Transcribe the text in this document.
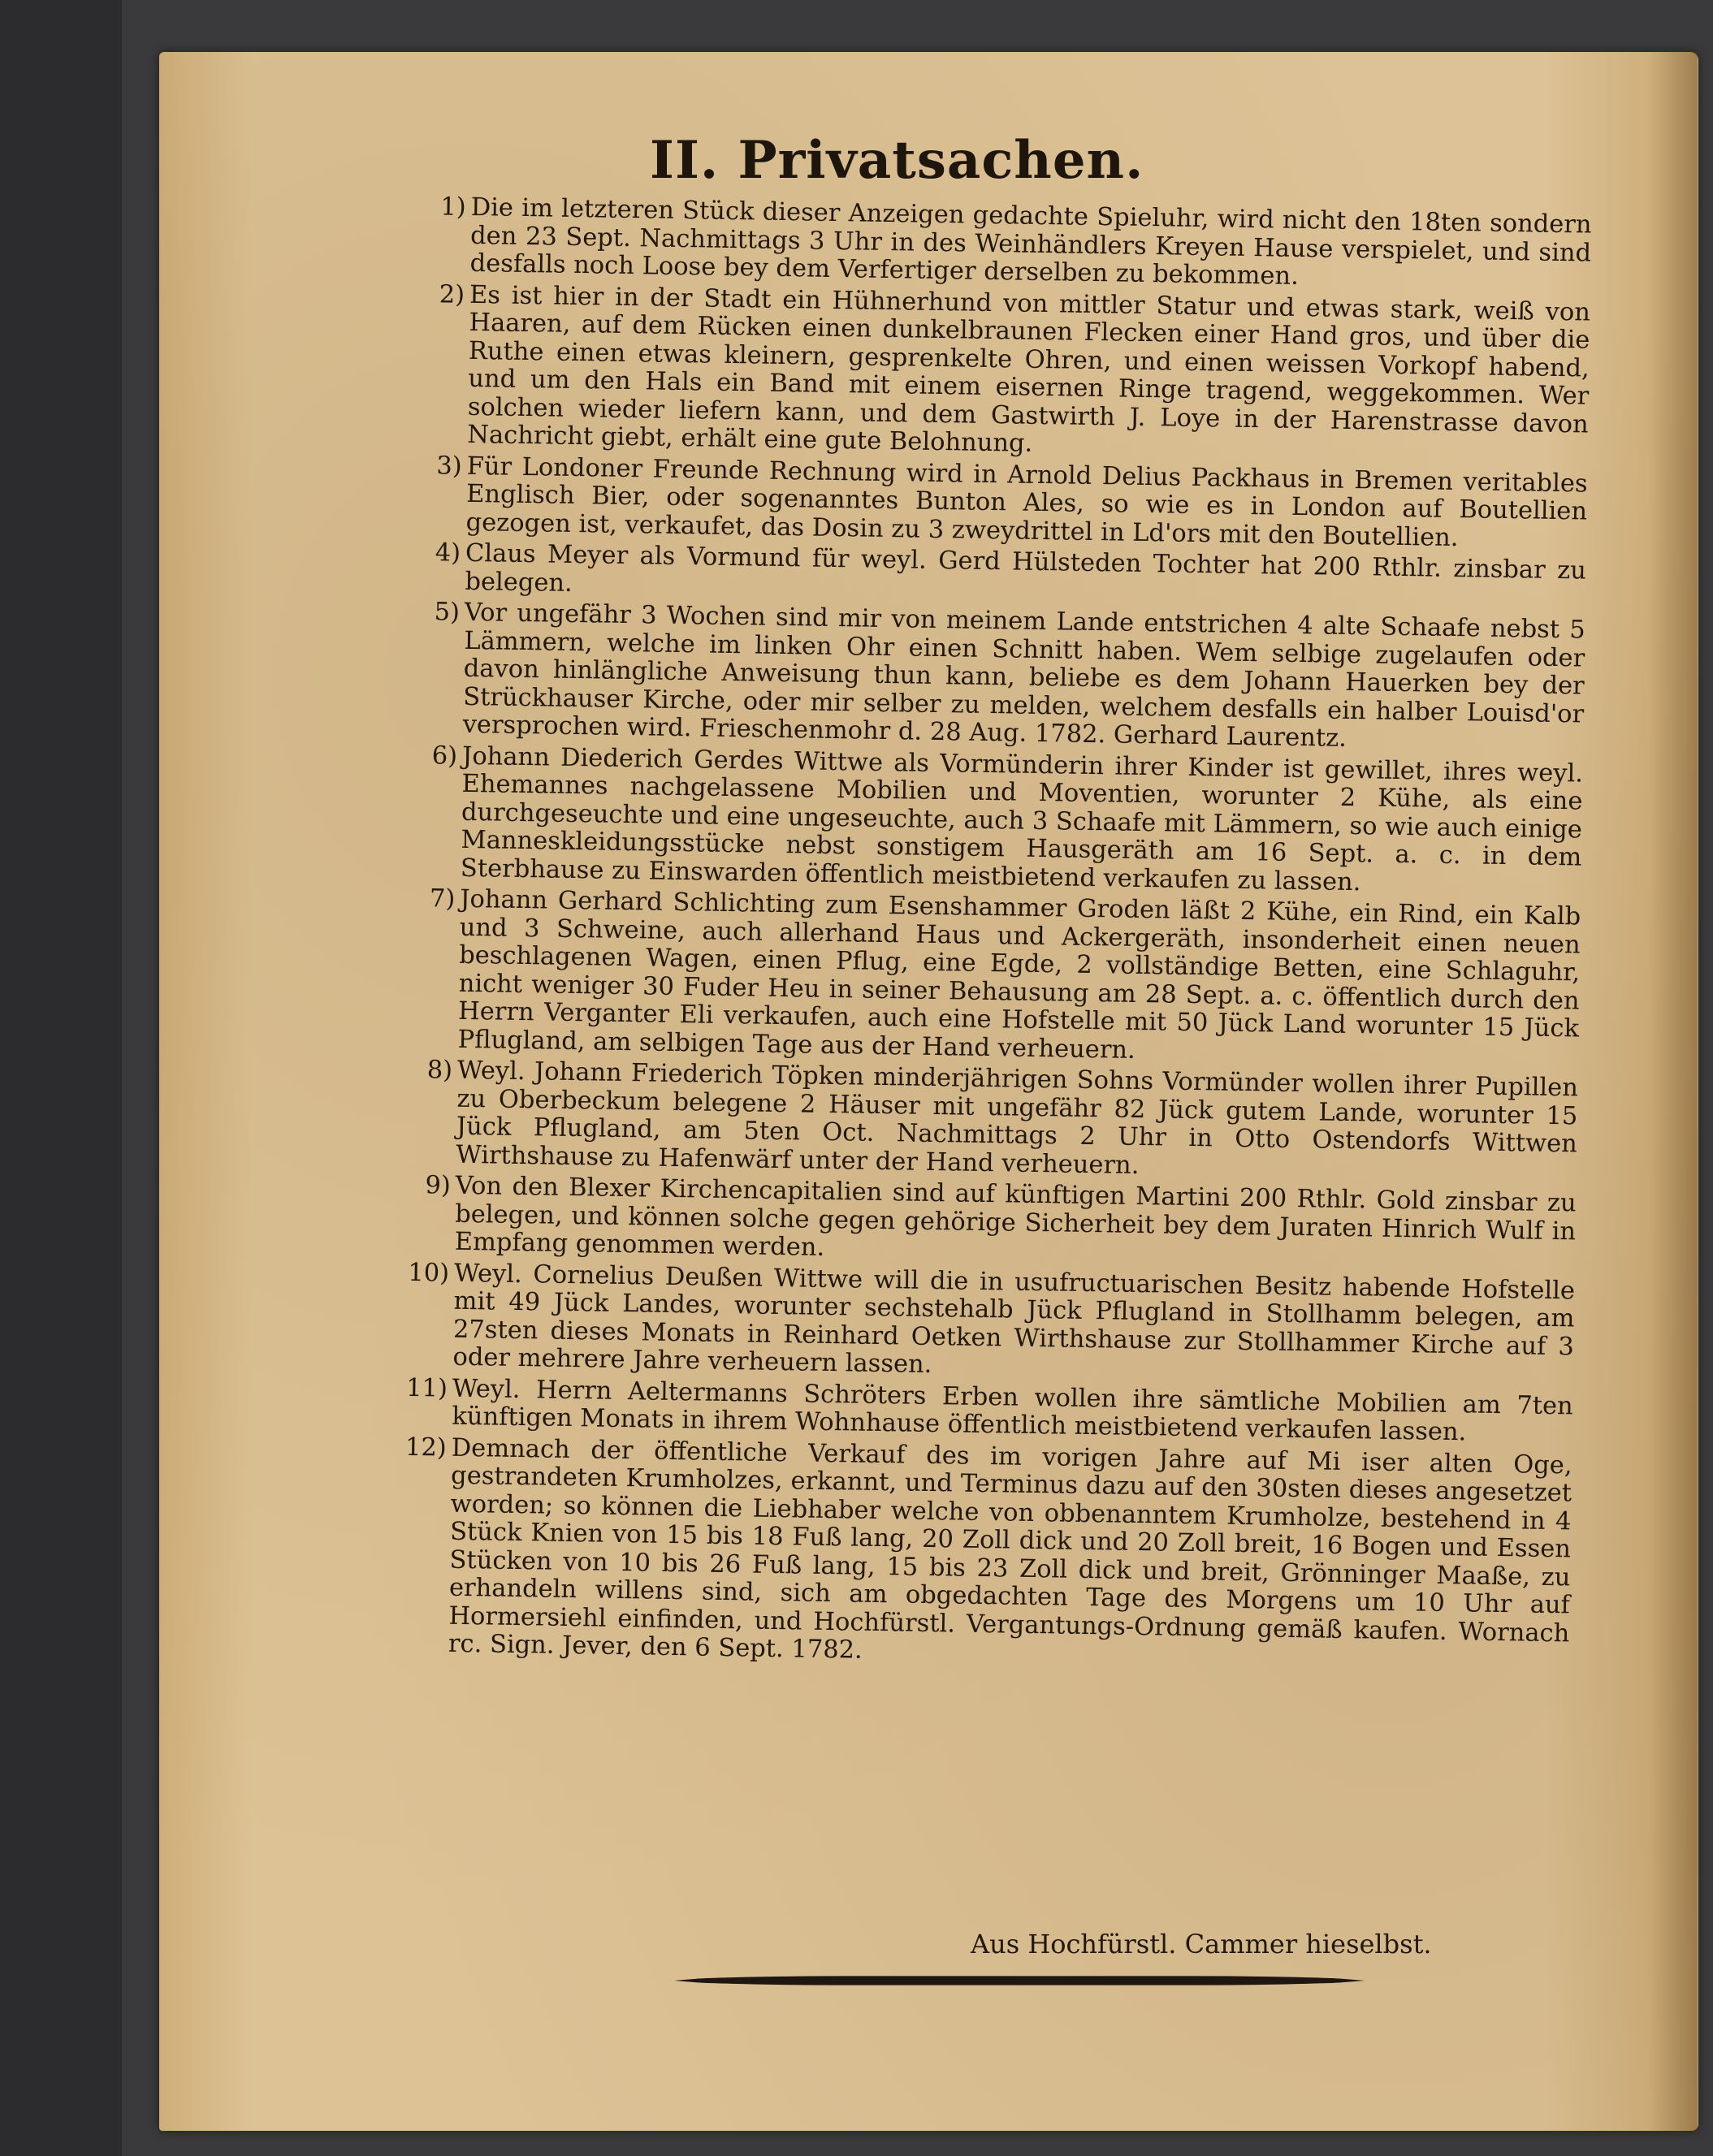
II. Privatsachen.
1) Die im letzteren Stück dieser Anzeigen gedachte Spieluhr, wird nicht den 18ten sondern den 23 Sept. Nachmittags 3 Uhr in des Weinhändlers Kreyen Hause verspielet, und sind desfalls noch Loose bey dem Verfertiger derselben zu bekommen.
2) Es ist hier in der Stadt ein Hühnerhund von mittler Statur und etwas stark, weiß von Haaren, auf dem Rücken einen dunkelbraunen Flecken einer Hand gros, und über die Ruthe einen etwas kleinern, gesprenkelte Ohren, und einen weissen Vorkopf habend, und um den Hals ein Band mit einem eisernen Ringe tragend, weggekommen. Wer solchen wieder liefern kann, und dem Gastwirth J. Loye in der Harenstrasse davon Nachricht giebt, erhält eine gute Belohnung.
3) Für Londoner Freunde Rechnung wird in Arnold Delius Packhaus in Bremen veritables Englisch Bier, oder sogenanntes Bunton Ales, so wie es in London auf Boutellien gezogen ist, verkaufet, das Dosin zu 3 zweydrittel in Ld'ors mit den Boutellien.
4) Claus Meyer als Vormund für weyl. Gerd Hülsteden Tochter hat 200 Rthlr. zinsbar zu belegen.
5) Vor ungefähr 3 Wochen sind mir von meinem Lande entstrichen 4 alte Schaafe nebst 5 Lämmern, welche im linken Ohr einen Schnitt haben. Wem selbige zugelaufen oder davon hinlängliche Anweisung thun kann, beliebe es dem Johann Hauerken bey der Strückhauser Kirche, oder mir selber zu melden, welchem desfalls ein halber Louisd'or versprochen wird. Frieschenmohr d. 28 Aug. 1782. Gerhard Laurentz.
6) Johann Diederich Gerdes Wittwe als Vormünderin ihrer Kinder ist gewillet, ihres weyl. Ehemannes nachgelassene Mobilien und Moventien, worunter 2 Kühe, als eine durchgeseuchte und eine ungeseuchte, auch 3 Schaafe mit Lämmern, so wie auch einige Manneskleidungsstücke nebst sonstigem Hausgeräth am 16 Sept. a. c. in dem Sterbhause zu Einswarden öffentlich meistbietend verkaufen zu lassen.
7) Johann Gerhard Schlichting zum Esenshammer Groden läßt 2 Kühe, ein Rind, ein Kalb und 3 Schweine, auch allerhand Haus und Ackergeräth, insonderheit einen neuen beschlagenen Wagen, einen Pflug, eine Egde, 2 vollständige Betten, eine Schlaguhr, nicht weniger 30 Fuder Heu in seiner Behausung am 28 Sept. a. c. öffentlich durch den Herrn Verganter Eli verkaufen, auch eine Hofstelle mit 50 Jück Land worunter 15 Jück Pflugland, am selbigen Tage aus der Hand verheuern.
8) Weyl. Johann Friederich Töpken minderjährigen Sohns Vormünder wollen ihrer Pupillen zu Oberbeckum belegene 2 Häuser mit ungefähr 82 Jück gutem Lande, worunter 15 Jück Pflugland, am 5ten Oct. Nachmittags 2 Uhr in Otto Ostendorfs Wittwen Wirthshause zu Hafenwärf unter der Hand verheuern.
9) Von den Blexer Kirchencapitalien sind auf künftigen Martini 200 Rthlr. Gold zinsbar zu belegen, und können solche gegen gehörige Sicherheit bey dem Juraten Hinrich Wulf in Empfang genommen werden.
10) Weyl. Cornelius Deußen Wittwe will die in usufructuarischen Besitz habende Hofstelle mit 49 Jück Landes, worunter sechstehalb Jück Pflugland in Stollhamm belegen, am 27sten dieses Monats in Reinhard Oetken Wirthshause zur Stollhammer Kirche auf 3 oder mehrere Jahre verheuern lassen.
11) Weyl. Herrn Aeltermanns Schröters Erben wollen ihre sämtliche Mobilien am 7ten künftigen Monats in ihrem Wohnhause öffentlich meistbietend verkaufen lassen.
12) Demnach der öffentliche Verkauf des im vorigen Jahre auf Mi iser alten Oge, gestrandeten Krumholzes, erkannt, und Terminus dazu auf den 30sten dieses angesetzet worden; so können die Liebhaber welche von obbenanntem Krumholze, bestehend in 4 Stück Knien von 15 bis 18 Fuß lang, 20 Zoll dick und 20 Zoll breit, 16 Bogen und Essen Stücken von 10 bis 26 Fuß lang, 15 bis 23 Zoll dick und breit, Grönninger Maaße, zu erhandeln willens sind, sich am obgedachten Tage des Morgens um 10 Uhr auf Hormersiehl einfinden, und Hochfürstl. Vergantungs-Ordnung gemäß kaufen. Wornach rc. Sign. Jever, den 6 Sept. 1782.
Aus Hochfürstl. Cammer hieselbst.
